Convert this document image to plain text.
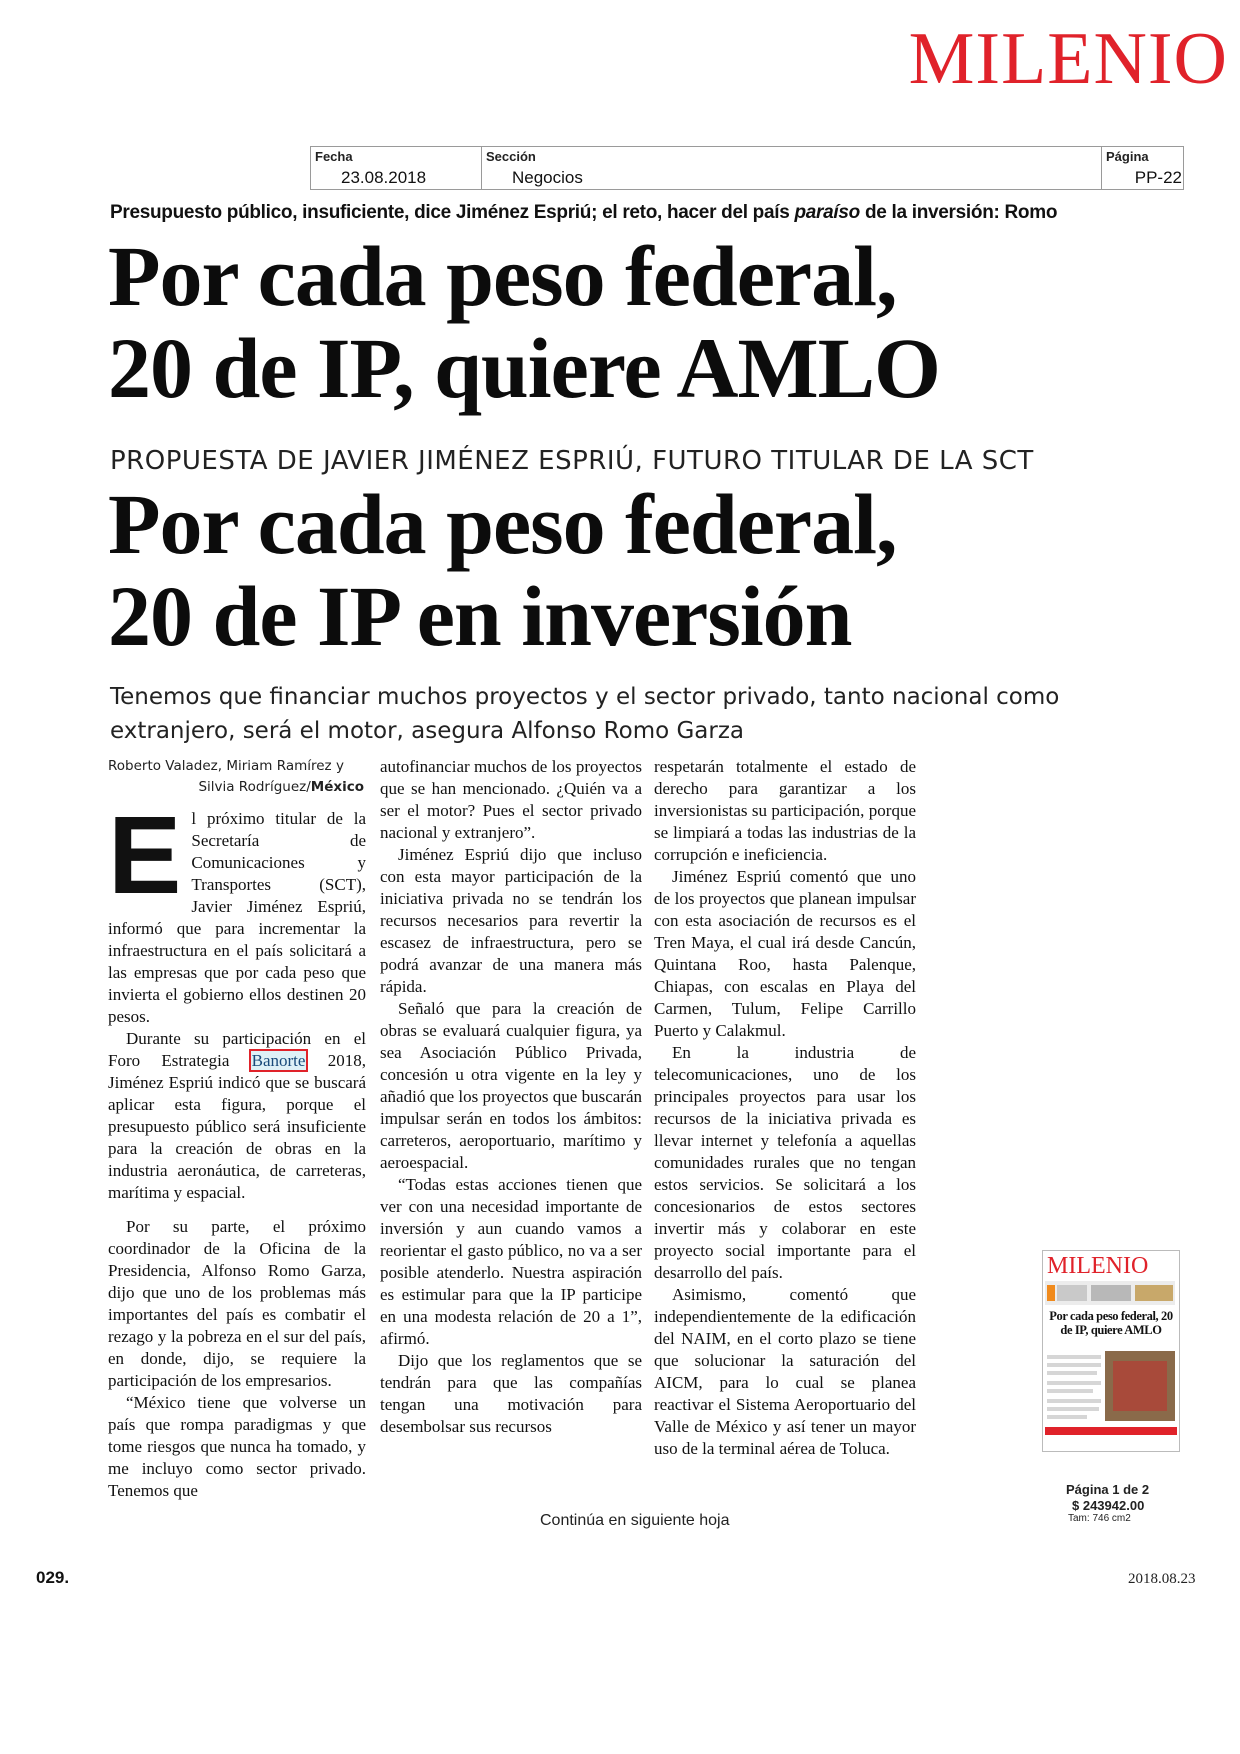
MILENIO
Fecha
23.08.2018
Sección
Negocios
Página
PP-22
Presupuesto público, insuficiente, dice Jiménez Espriú; el reto, hacer del país paraíso de la inversión: Romo
Por cada peso federal,
20 de IP, quiere AMLO
PROPUESTA DE JAVIER JIMÉNEZ ESPRIÚ, FUTURO TITULAR DE LA SCT
Por cada peso federal,
20 de IP en inversión
Tenemos que financiar muchos proyectos y el sector privado, tanto nacional como extranjero, será el motor, asegura Alfonso Romo Garza
Roberto Valadez, Miriam Ramírez y
Silvia Rodríguez/México
E l próximo titular de la Secretaría de Comunicaciones y Transportes (SCT), Javier Jiménez Espriú, informó que para incrementar la infraestructura en el país solicitará a las empresas que por cada peso que invierta el gobierno ellos destinen 20 pesos.

Durante su participación en el Foro Estrategia Banorte 2018, Jiménez Espriú indicó que se buscará aplicar esta figura, porque el presupuesto público será insuficiente para la creación de obras en la industria aeronáutica, de carreteras, marítima y espacial.

Por su parte, el próximo coordinador de la Oficina de la Presidencia, Alfonso Romo Garza, dijo que uno de los problemas más importantes del país es combatir el rezago y la pobreza en el sur del país, en donde, dijo, se requiere la participación de los empresarios.

“México tiene que volverse un país que rompa paradigmas y que tome riesgos que nunca ha tomado, y me incluyo como sector privado. Tenemos que

autofinanciar muchos de los proyectos que se han mencionado. ¿Quién va a ser el motor? Pues el sector privado nacional y extranjero”.

Jiménez Espriú dijo que incluso con esta mayor participación de la iniciativa privada no se tendrán los recursos necesarios para revertir la escasez de infraestructura, pero se podrá avanzar de una manera más rápida.

Señaló que para la creación de obras se evaluará cualquier figura, ya sea Asociación Público Privada, concesión u otra vigente en la ley y añadió que los proyectos que buscarán impulsar serán en todos los ámbitos: carreteros, aeroportuario, marítimo y aeroespacial.

“Todas estas acciones tienen que ver con una necesidad importante de inversión y aun cuando vamos a reorientar el gasto público, no va a ser posible atenderlo. Nuestra aspiración es estimular para que la IP participe en una modesta relación de 20 a 1”, afirmó.

Dijo que los reglamentos que se tendrán para que las compañías tengan una motivación para desembolsar sus recursos

respetarán totalmente el estado de derecho para garantizar a los inversionistas su participación, porque se limpiará a todas las industrias de la corrupción e ineficiencia.

Jiménez Espriú comentó que uno de los proyectos que planean impulsar con esta asociación de recursos es el Tren Maya, el cual irá desde Cancún, Quintana Roo, hasta Palenque, Chiapas, con escalas en Playa del Carmen, Tulum, Felipe Carrillo Puerto y Calakmul.

En la industria de telecomunicaciones, uno de los principales proyectos para usar los recursos de la iniciativa privada es llevar internet y telefonía a aquellas comunidades rurales que no tengan estos servicios. Se solicitará a los concesionarios de estos sectores invertir más y colaborar en este proyecto social importante para el desarrollo del país.

Asimismo, comentó que independientemente de la edificación del NAIM, en el corto plazo se tiene que solucionar la saturación del AICM, para lo cual se planea reactivar el Sistema Aeroportuario del Valle de México y así tener un mayor uso de la terminal aérea de Toluca.

Continúa en siguiente hoja
MILENIO
Por cada peso federal, 20 de IP, quiere AMLO
Página 1 de 2
$ 243942.00
Tam: 746 cm2
029.	2018.08.23
